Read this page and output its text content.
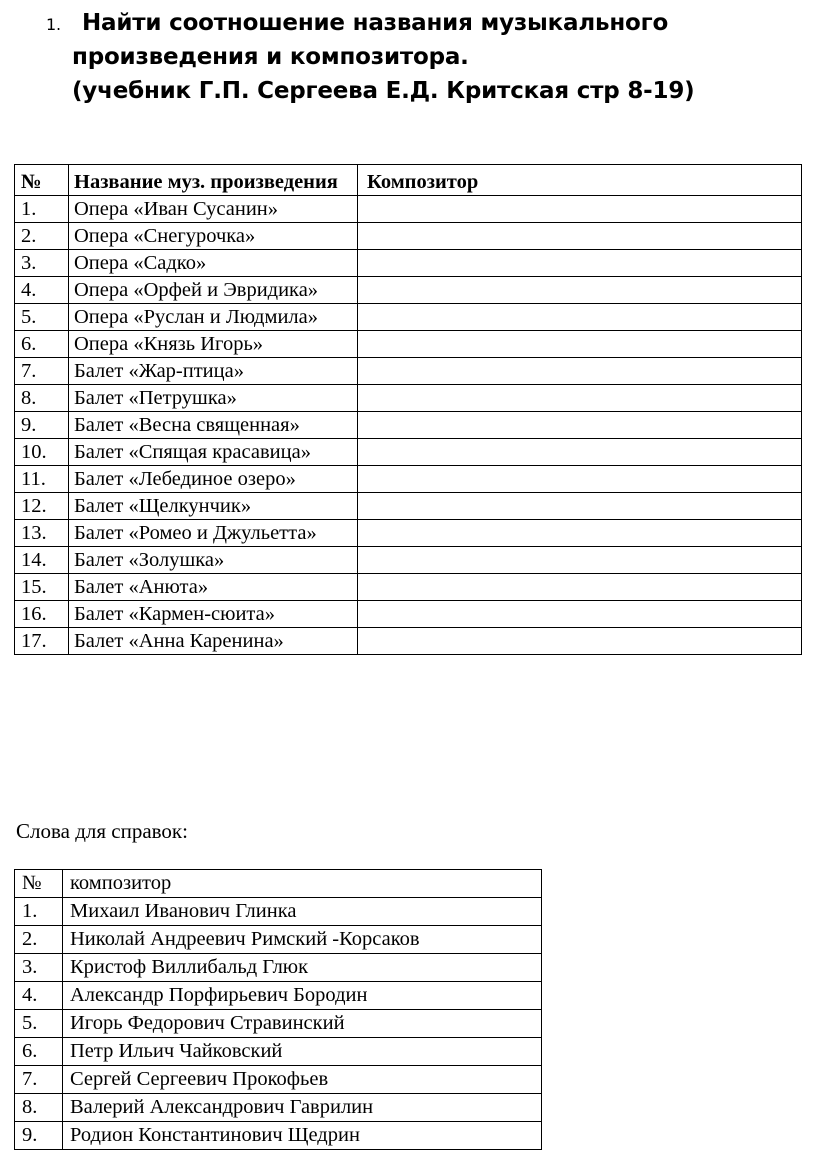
1. Найти соотношение названия музыкального
произведения и композитора.
(учебник Г.П. Сергеева Е.Д. Критская стр 8-19)
№	Название муз. произведения	Композитор
1.	Опера «Иван Сусанин»	
2.	Опера «Снегурочка»	
3.	Опера «Садко»	
4.	Опера «Орфей и Эвридика»	
5.	Опера «Руслан и Людмила»	
6.	Опера «Князь Игорь»	
7.	Балет «Жар-птица»	
8.	Балет «Петрушка»	
9.	Балет «Весна священная»	
10.	Балет «Спящая красавица»	
11.	Балет «Лебединое озеро»	
12.	Балет «Щелкунчик»	
13.	Балет «Ромео и Джульетта»	
14.	Балет «Золушка»	
15.	Балет «Анюта»	
16.	Балет «Кармен-сюита»	
17.	Балет «Анна Каренина»	
Слова для справок:
№	композитор
1.	Михаил Иванович Глинка
2.	Николай Андреевич Римский -Корсаков
3.	Кристоф Виллибальд Глюк
4.	Александр Порфирьевич Бородин
5.	Игорь Федорович Стравинский
6.	Петр Ильич Чайковский
7.	Сергей Сергеевич Прокофьев
8.	Валерий Александрович Гаврилин
9.	Родион Константинович Щедрин
